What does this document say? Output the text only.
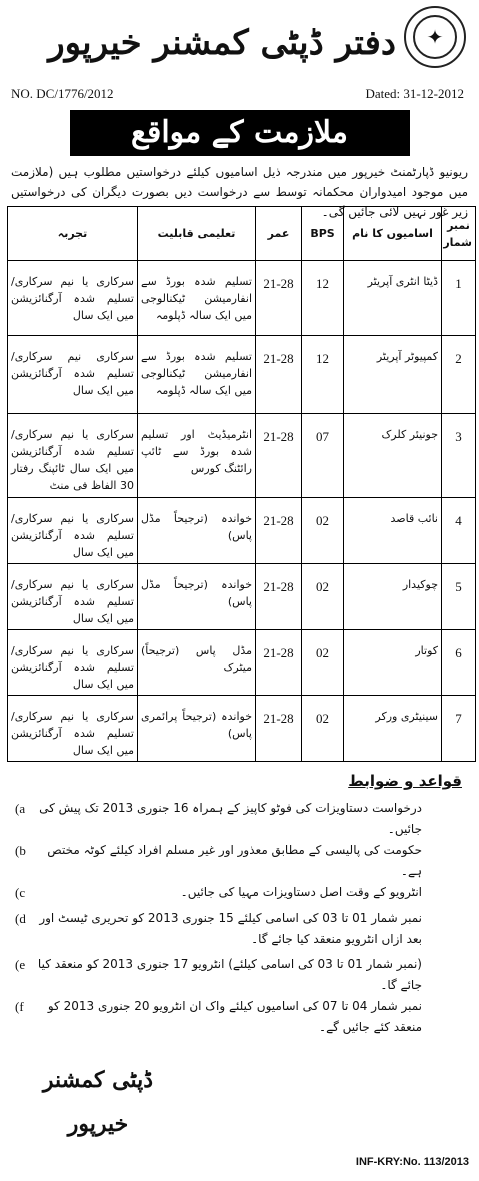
دفتر ڈپٹی کمشنر خیرپور	✦
NO. DC/1776/2012	Dated: 31-12-2012
ملازمت کے مواقع
ریونیو ڈپارٹمنٹ خیرپور میں مندرجہ ذیل اسامیوں کیلئے درخواستیں مطلوب ہیں (ملازمت میں موجود امیدواران محکمانہ توسط سے درخواست دیں بصورت دیگران کی درخواستیں زیر غور نہیں لائی جائیں گی۔
نمبر شمار	اسامیوں کا نام	BPS	عمر	تعلیمی قابلیت	تجربہ
1	ڈیٹا انٹری آپریٹر	12	21-28	تسلیم شدہ بورڈ سے انفارمیشن ٹیکنالوجی میں ایک سالہ ڈپلومہ	سرکاری یا نیم سرکاری/تسلیم شدہ آرگنائزیشن میں ایک سال
2	کمپیوٹر آپریٹر	12	21-28	تسلیم شدہ بورڈ سے انفارمیشن ٹیکنالوجی میں ایک سالہ ڈپلومہ	سرکاری نیم سرکاری/تسلیم شدہ آرگنائزیشن میں ایک سال
3	جونیئر کلرک	07	21-28	انٹرمیڈیٹ اور تسلیم شدہ بورڈ سے ٹائپ رائٹنگ کورس	سرکاری یا نیم سرکاری/تسلیم شدہ آرگنائزیشن میں ایک سال ٹائپنگ رفتار 30 الفاظ فی منٹ
4	نائب قاصد	02	21-28	خواندہ (ترجیحاً مڈل پاس)	سرکاری یا نیم سرکاری/تسلیم شدہ آرگنائزیشن میں ایک سال
5	چوکیدار	02	21-28	خواندہ (ترجیحاً مڈل پاس)	سرکاری یا نیم سرکاری/تسلیم شدہ آرگنائزیشن میں ایک سال
6	کوتار	02	21-28	مڈل پاس (ترجیحاً) میٹرک	سرکاری یا نیم سرکاری/تسلیم شدہ آرگنائزیشن میں ایک سال
7	سینیٹری ورکر	02	21-28	خواندہ (ترجیحاً پرائمری پاس)	سرکاری یا نیم سرکاری/تسلیم شدہ آرگنائزیشن میں ایک سال
قواعد و ضوابط
(a درخواست دستاویزات کی فوٹو کاپیز کے ہمراہ 16 جنوری 2013 تک پیش کی جائیں۔
(b حکومت کی پالیسی کے مطابق معذور اور غیر مسلم افراد کیلئے کوٹہ مختص ہے۔
(c	انٹرویو کے وقت اصل دستاویزات مہیا کی جائیں۔
(d نمبر شمار 01 تا 03 کی اسامی کیلئے 15 جنوری 2013 کو تحریری ٹیسٹ اور بعد ازاں انٹرویو منعقد کیا جائے گا۔
(e (نمبر شمار 01 تا 03 کی اسامی کیلئے) انٹرویو 17 جنوری 2013 کو منعقد کیا جائے گا۔
(f نمبر شمار 04 تا 07 کی اسامیوں کیلئے واک ان انٹرویو 20 جنوری 2013 کو منعقد کئے جائیں گے۔
ڈپٹی کمشنر
خیرپور
INF-KRY:No. 113/2013
